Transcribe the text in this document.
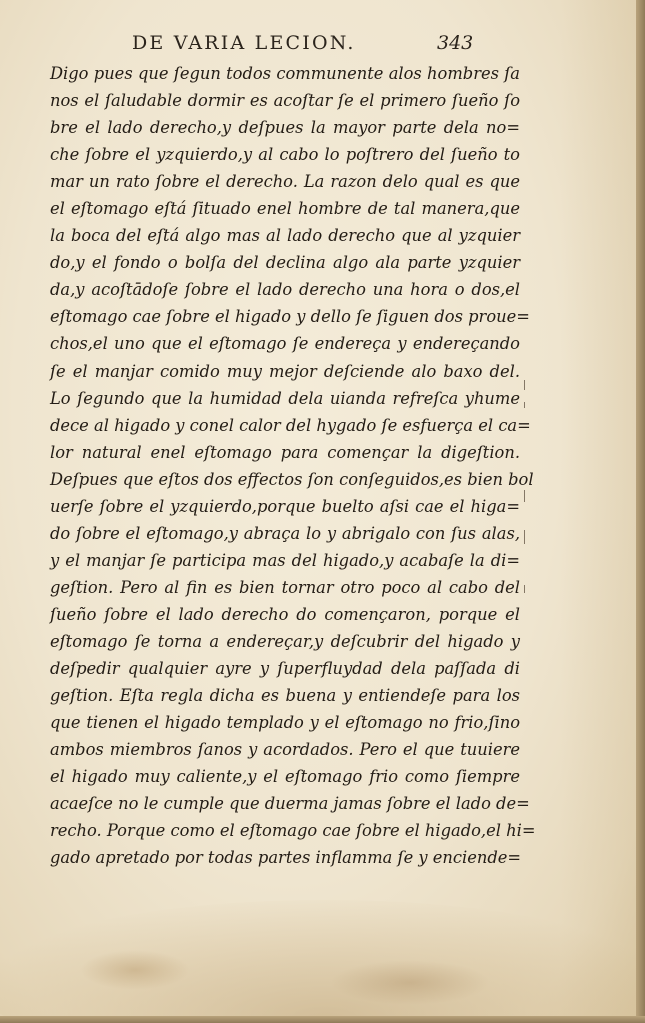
DE VARIA LECION.	343
Digo pues que ſegun todos communente alos hombres ſa
nos el ſaludable dormir es acoſtar ſe el primero ſueño ſo
bre el lado derecho,y deſpues la mayor parte dela no=
che ſobre el yzquierdo,y al cabo lo poſtrero del ſueño to
mar un rato ſobre el derecho. La razon delo qual es que
el eſtomago eſtá ſituado enel hombre de tal manera,que
la boca del eſtá algo mas al lado derecho que al yzquier
do,y el fondo o bolſa del declina algo ala parte yzquier
da,y acoſtādoſe ſobre el lado derecho una hora o dos,el
eſtomago cae ſobre el higado y dello ſe ſiguen dos proue=
chos,el uno que el eſtomago ſe endereça y endereçando
ſe el manjar comido muy mejor deſciende alo baxo del.
Lo ſegundo que la humidad dela uianda refreſca yhume
dece al higado y conel calor del hygado ſe esfuerça el ca=
lor natural enel eſtomago para començar la digeſtion.
Deſpues que eſtos dos effectos ſon conſeguidos,es bien bol
uerſe ſobre el yzquierdo,porque buelto aſsi cae el higa=
do ſobre el eſtomago,y abraça lo y abrigalo con ſus alas,
y el manjar ſe participa mas del higado,y acabaſe la di=
geſtion. Pero al fin es bien tornar otro poco al cabo del
ſueño ſobre el lado derecho do començaron, porque el
eſtomago ſe torna a endereçar,y deſcubrir del higado y
deſpedir qualquier ayre y ſuperfluydad dela paſſada di
geſtion. Eſta regla dicha es buena y entiendeſe para los
que tienen el higado templado y el eſtomago no frio,ſino
ambos miembros ſanos y acordados. Pero el que tuuiere
el higado muy caliente,y el eſtomago frio como ſiempre
acaeſce no le cumple que duerma jamas ſobre el lado de=
recho. Porque como el eſtomago cae ſobre el higado,el hi=
gado apretado por todas partes inflamma ſe y enciende=
